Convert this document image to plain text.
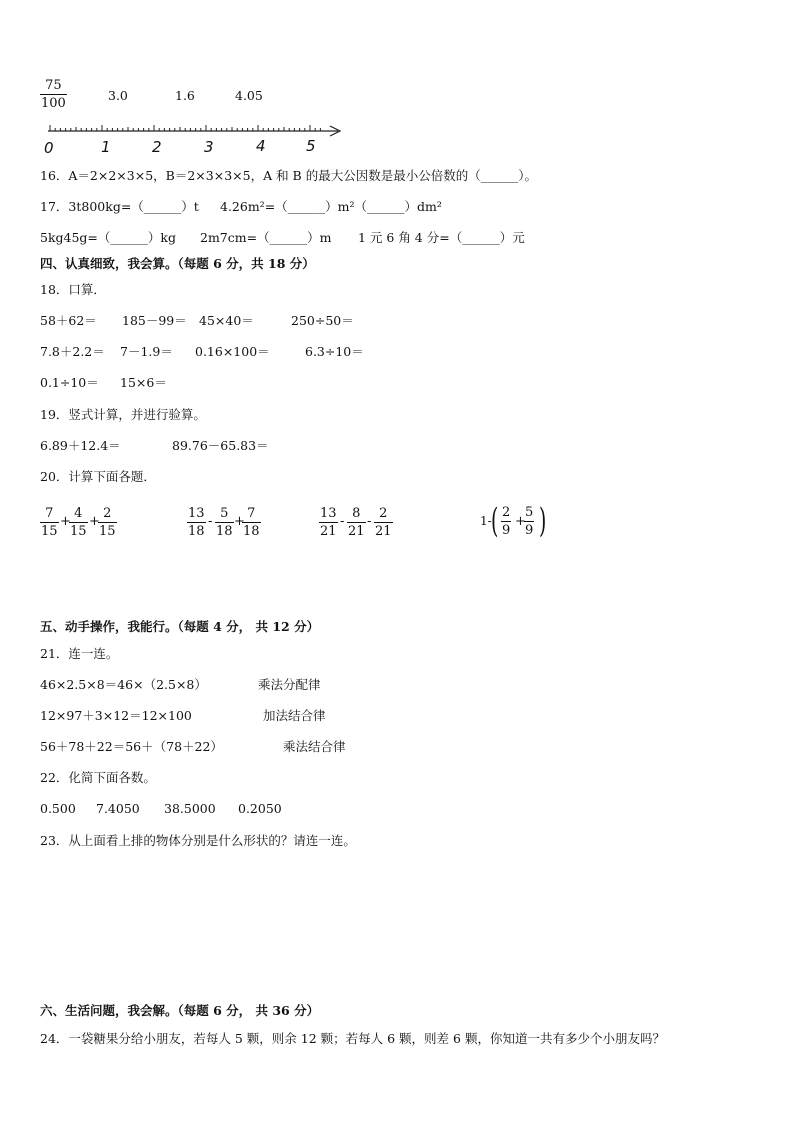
75
100
3.0	1.6	4.05
0	1	2	3	4	5
16．A＝2×2×3×5，B＝2×3×3×5，A 和 B 的最大公因数是最小公倍数的（______）。
17．3t800kg=（______）t 4.26m²=（______）m²（______）dm²
5kg45g=（______）kg 2m7cm=（______）m 1 元 6 角 4 分=（______）元
四、认真细致，我会算。（每题 6 分，共 18 分）
18．口算．
58＋62＝ 185－99＝ 45×40＝	250÷50＝
7.8＋2.2＝ 7－1.9＝ 0.16×100＝	6.3÷10＝
0.1÷10＝ 15×6＝
19．竖式计算，并进行验算。
6.89＋12.4＝	89.76－65.83＝
20．计算下面各题．
7
15
+
4
15
+
2
15
13
18
-
5
18
+
7
18
13
21
-
8
21
-
2
21
1- ( 2
9
+
5
9 )
五、动手操作，我能行。（每题 4 分， 共 12 分）
21．连一连。
46×2.5×8＝46×（2.5×8）
12×97＋3×12＝12×100
56＋78＋22＝56＋（78＋22）
乘法分配律
加法结合律
乘法结合律
22．化简下面各数。
0.500 7.4050 38.5000 0.2050
23．从上面看上排的物体分别是什么形状的？请连一连。
六、生活问题，我会解。（每题 6 分， 共 36 分）
24．一袋糖果分给小朋友，若每人 5 颗，则余 12 颗；若每人 6 颗，则差 6 颗，你知道一共有多少个小朋友吗？
